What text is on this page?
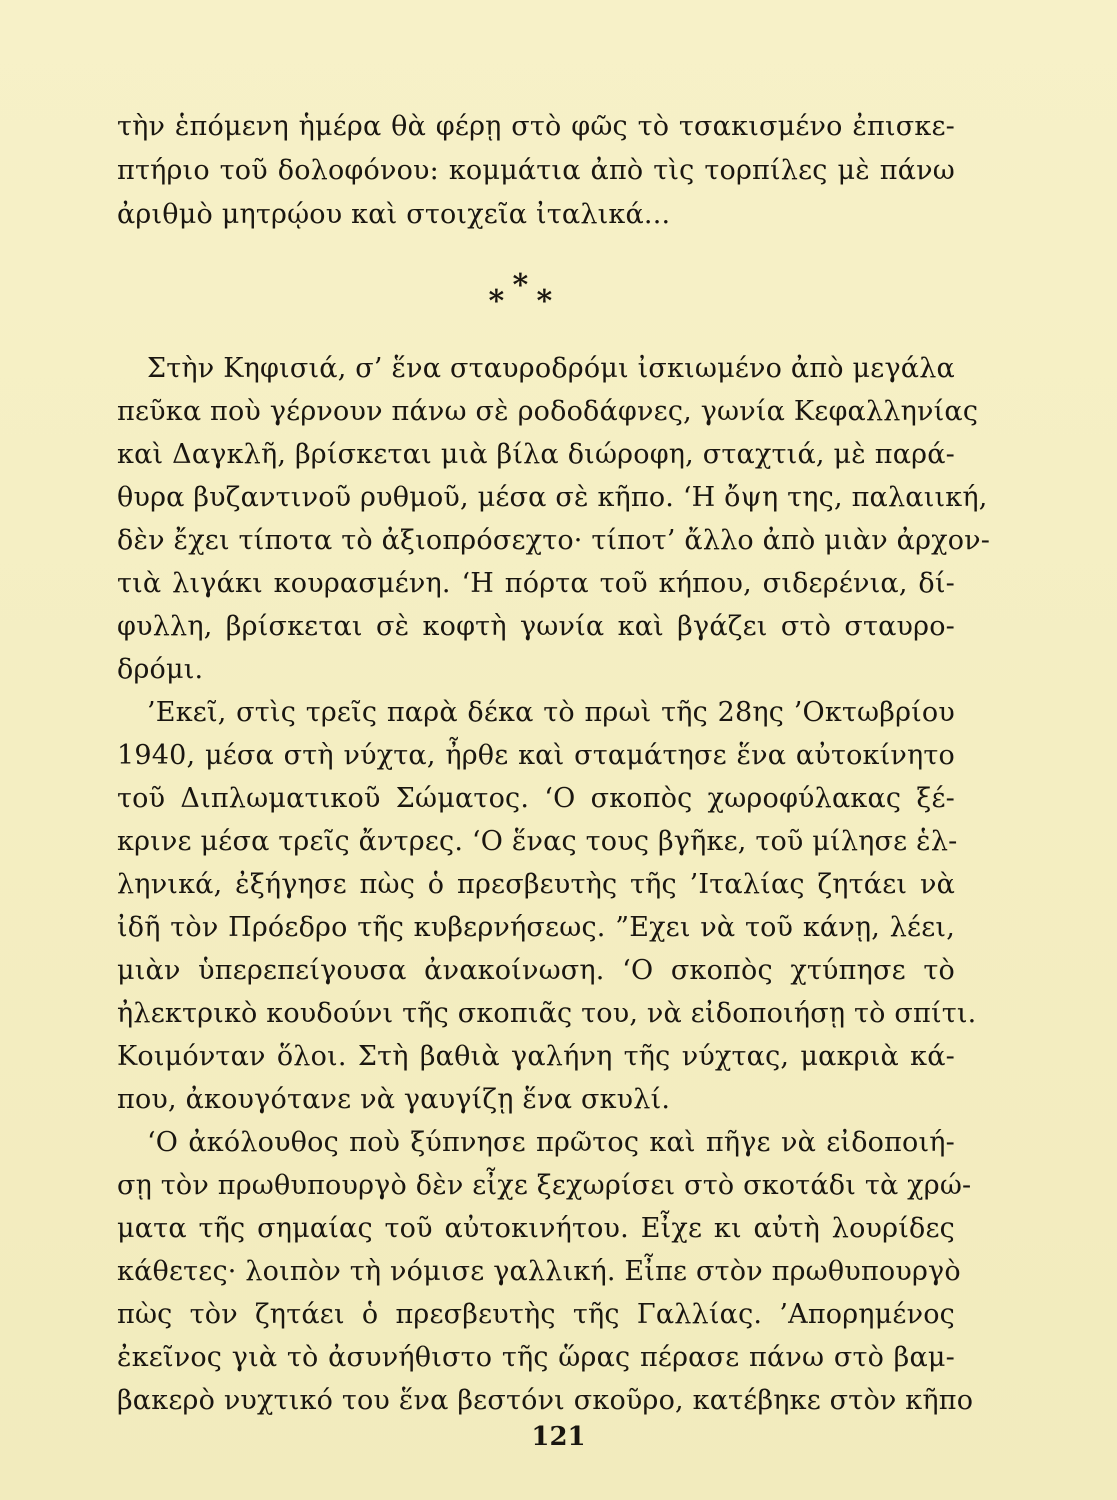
τὴν ἑπόμενη ἡμέρα θὰ φέρῃ στὸ φῶς τὸ τσακισμένο ἐπισκε-
πτήριο τοῦ δολοφόνου: κομμάτια ἀπὸ τὶς τορπίλες μὲ πάνω
ἀριθμὸ μητρῴου καὶ στοιχεῖα ἰταλικά...
∗ ∗ ∗
Στὴν Κηφισιά, σ’ ἕνα σταυροδρόμι ἰσκιωμένο ἀπὸ μεγάλα
πεῦκα ποὺ γέρνουν πάνω σὲ ροδοδάφνες, γωνία Κεφαλληνίας
καὶ Δαγκλῆ, βρίσκεται μιὰ βίλα διώροφη, σταχτιά, μὲ παρά-
θυρα βυζαντινοῦ ρυθμοῦ, μέσα σὲ κῆπο. ‘Η ὄψη της, παλαιική,
δὲν ἔχει τίποτα τὸ ἀξιοπρόσεχτο· τίποτ’ ἄλλο ἀπὸ μιὰν ἀρχον-
τιὰ λιγάκι κουρασμένη. ‘Η πόρτα τοῦ κήπου, σιδερένια, δί-
φυλλη, βρίσκεται σὲ κοφτὴ γωνία καὶ βγάζει στὸ σταυρο-
δρόμι.
’Εκεῖ, στὶς τρεῖς παρὰ δέκα τὸ πρωὶ τῆς 28ης ’Οκτωβρίου
1940, μέσα στὴ νύχτα, ἦρθε καὶ σταμάτησε ἕνα αὐτοκίνητο
τοῦ Διπλωματικοῦ Σώματος. ‘Ο σκοπὸς χωροφύλακας ξέ-
κρινε μέσα τρεῖς ἄντρες. ‘Ο ἕνας τους βγῆκε, τοῦ μίλησε ἑλ-
ληνικά, ἐξήγησε πὼς ὁ πρεσβευτὴς τῆς ’Ιταλίας ζητάει νὰ
ἰδῆ τὸν Πρόεδρο τῆς κυβερνήσεως. ”Εχει νὰ τοῦ κάνῃ, λέει,
μιὰν ὑπερεπείγουσα ἀνακοίνωση. ‘Ο σκοπὸς χτύπησε τὸ
ἠλεκτρικὸ κουδούνι τῆς σκοπιᾶς του, νὰ εἰδοποιήσῃ τὸ σπίτι.
Κοιμόνταν ὅλοι. Στὴ βαθιὰ γαλήνη τῆς νύχτας, μακριὰ κά-
που, ἀκουγότανε νὰ γαυγίζῃ ἕνα σκυλί.
‘Ο ἀκόλουθος ποὺ ξύπνησε πρῶτος καὶ πῆγε νὰ εἰδοποιή-
σῃ τὸν πρωθυπουργὸ δὲν εἶχε ξεχωρίσει στὸ σκοτάδι τὰ χρώ-
ματα τῆς σημαίας τοῦ αὐτοκινήτου. Εἶχε κι αὐτὴ λουρίδες
κάθετες· λοιπὸν τὴ νόμισε γαλλική. Εἶπε στὸν πρωθυπουργὸ
πὼς τὸν ζητάει ὁ πρεσβευτὴς τῆς Γαλλίας. ’Απορημένος
ἐκεῖνος γιὰ τὸ ἀσυνήθιστο τῆς ὥρας πέρασε πάνω στὸ βαμ-
βακερὸ νυχτικό του ἕνα βεστόνι σκοῦρο, κατέβηκε στὸν κῆπο
121
